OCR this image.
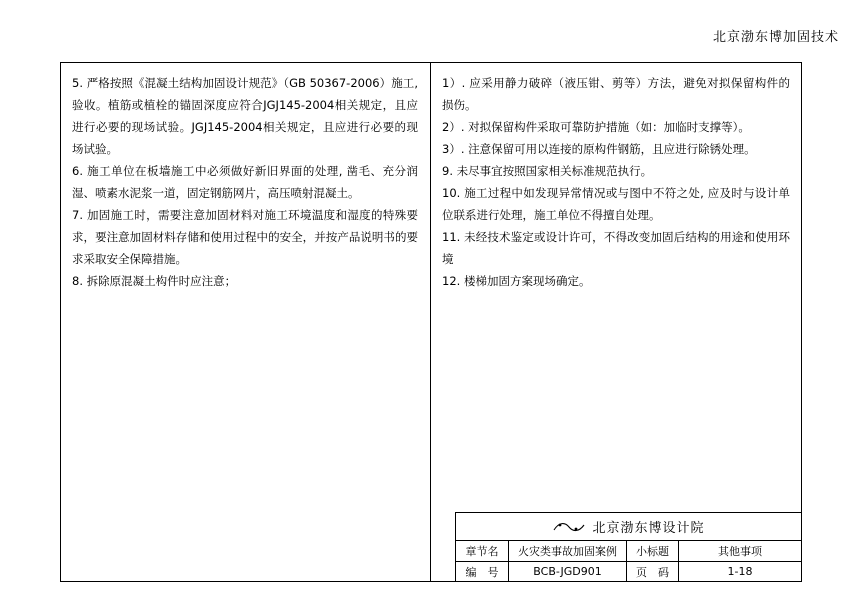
北京渤东博加固技术

5. 严格按照《混凝土结构加固设计规范》（GB 50367-2006）施工, 验收。植筋或植栓的锚固深度应符合JGJ145-2004相关规定，且应进行必要的现场试验。JGJ145-2004相关规定，且应进行必要的现场试验。

6. 施工单位在板墙施工中必须做好新旧界面的处理, 凿毛、充分润湿、喷素水泥浆一道，固定钢筋网片，高压喷射混凝土。

7. 加固施工时，需要注意加固材料对施工环境温度和湿度的特殊要求，要注意加固材料存储和使用过程中的安全，并按产品说明书的要求采取安全保障措施。

8. 拆除原混凝土构件时应注意；

1）. 应采用静力破碎（液压钳、剪等）方法，避免对拟保留构件的损伤。

2）. 对拟保留构件采取可靠防护措施（如：加临时支撑等）。

3）. 注意保留可用以连接的原构件钢筋，且应进行除锈处理。

9. 未尽事宜按照国家相关标准规范执行。

10. 施工过程中如发现异常情况或与图中不符之处, 应及时与设计单位联系进行处理，施工单位不得擅自处理。

11. 未经技术鉴定或设计许可，不得改变加固后结构的用途和使用环境

12. 楼梯加固方案现场确定。

北京渤东博设计院
章节名	火灾类事故加固案例	小标题	其他事项
编　号	BCB-JGD901	页　码	1-18
